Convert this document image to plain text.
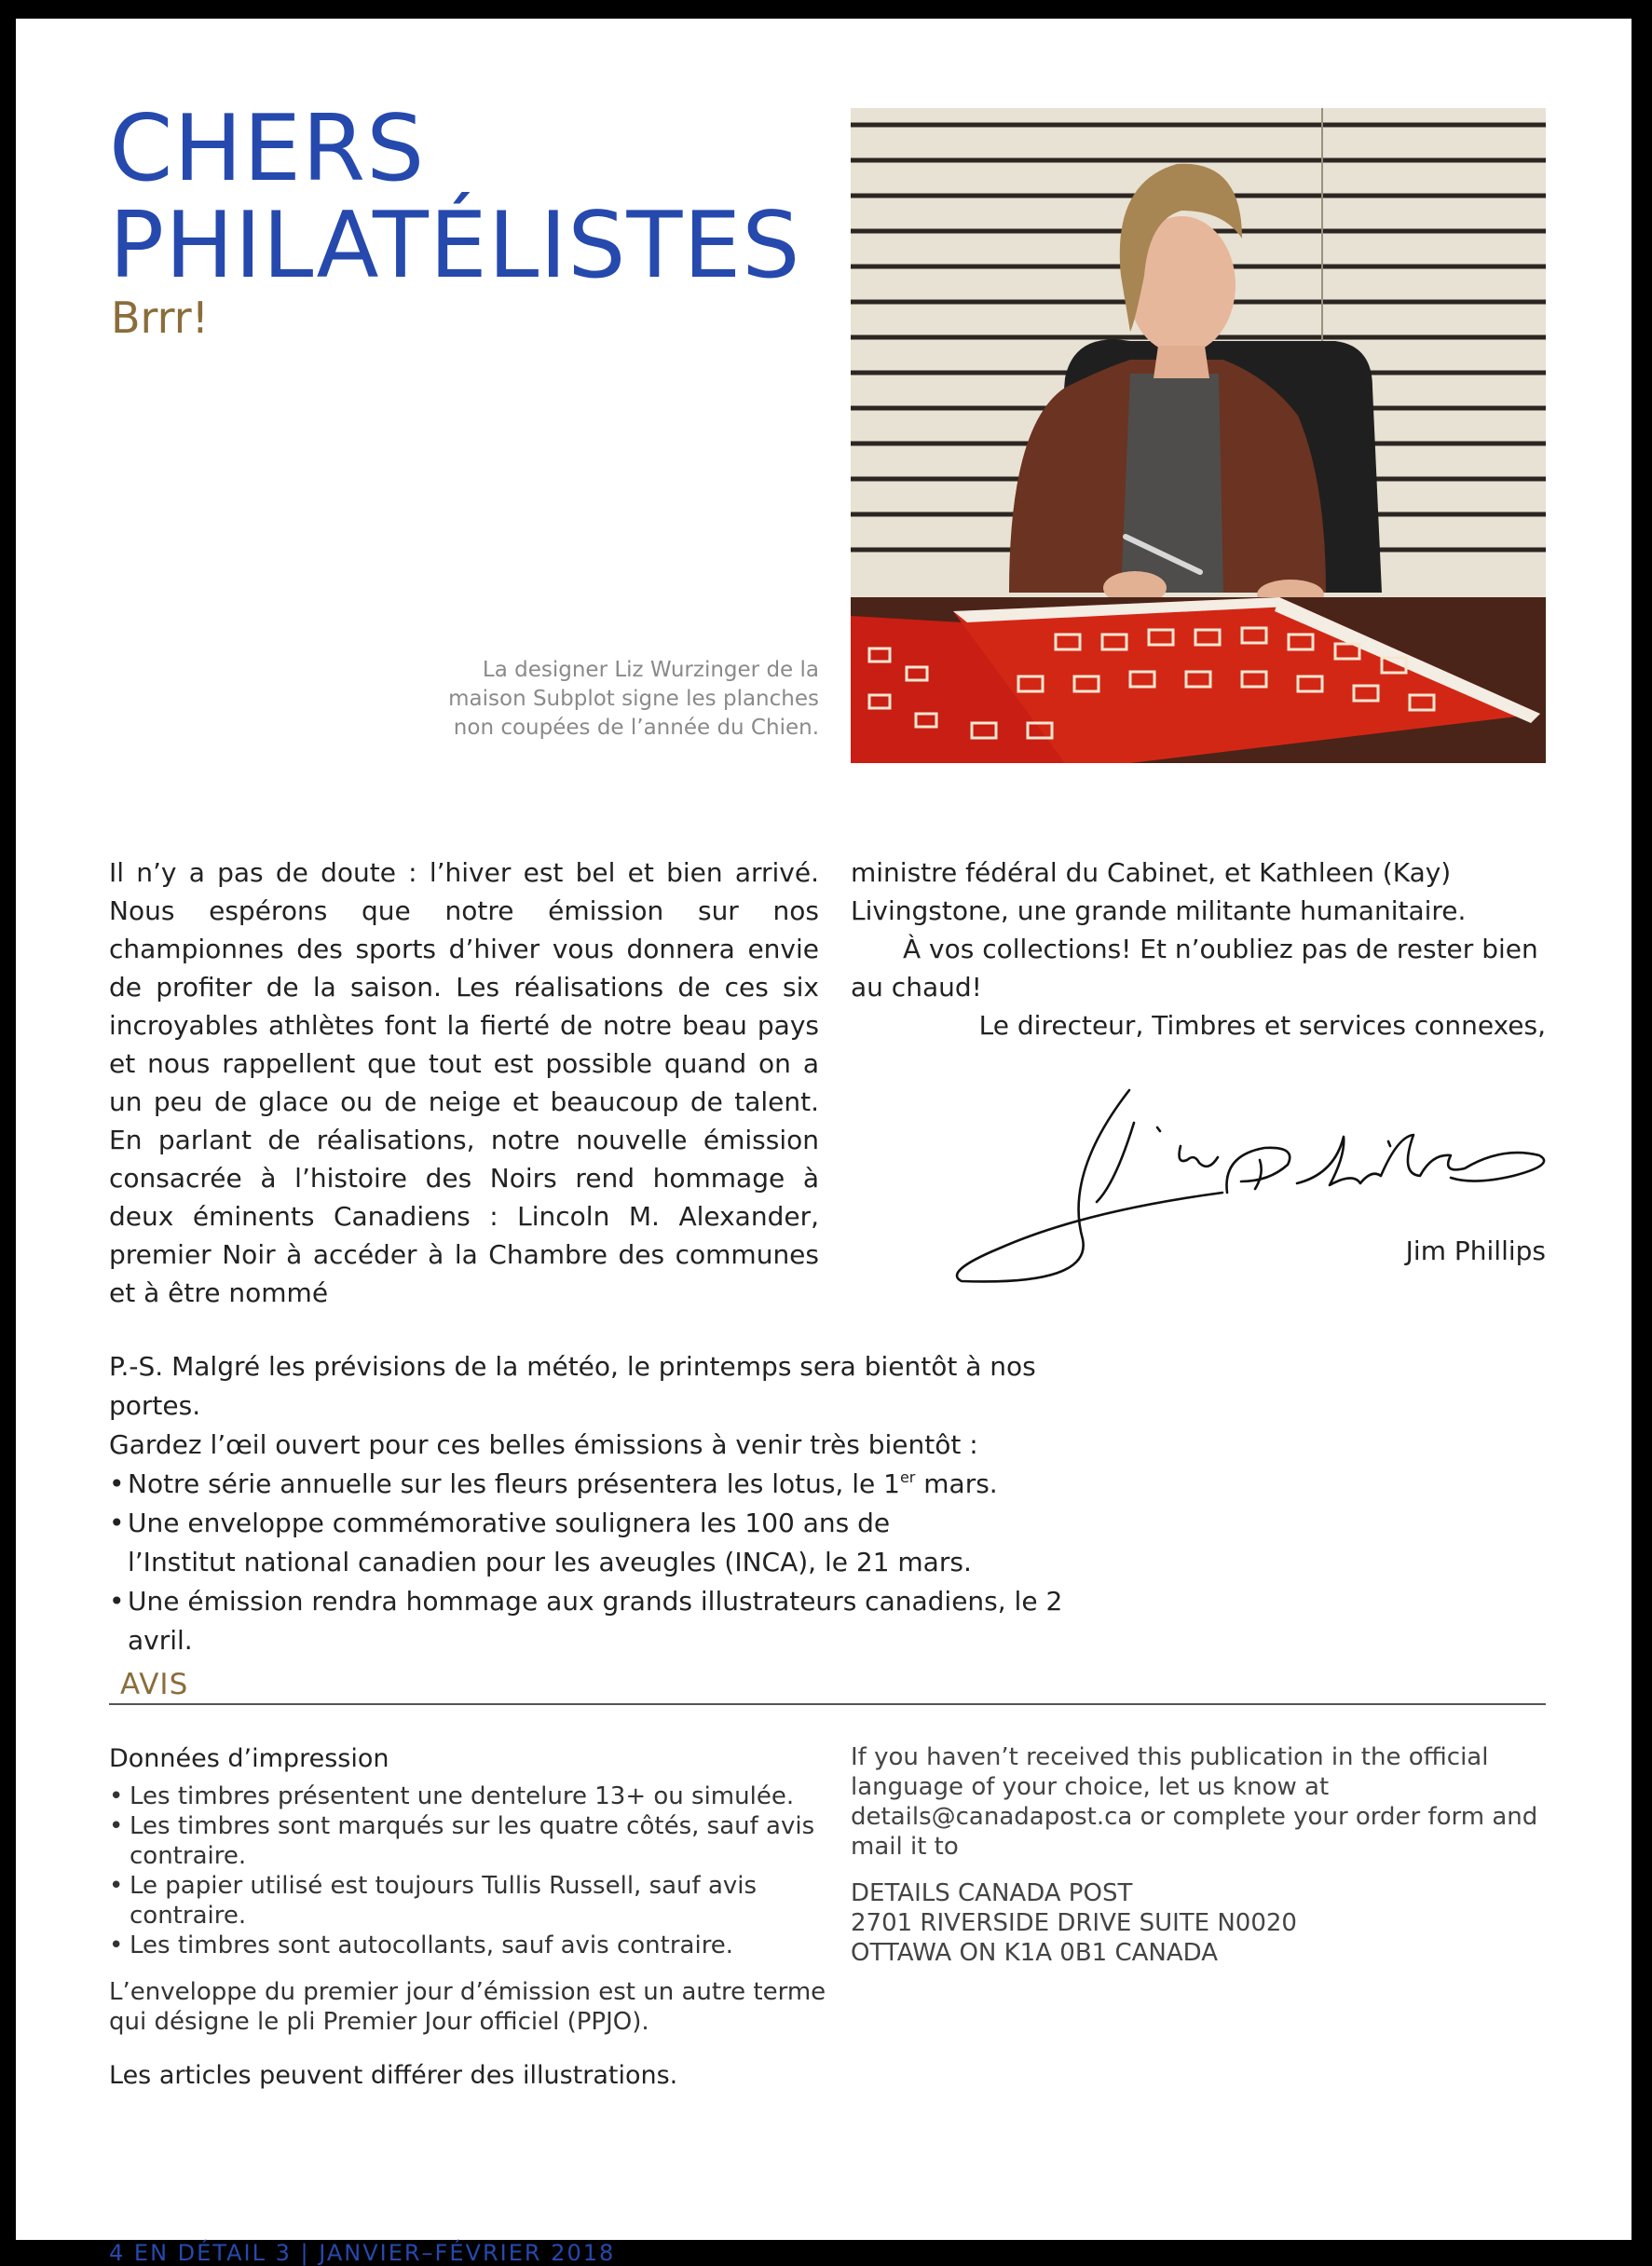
CHERS
PHILATÉLISTES
Brrr!
La designer Liz Wurzinger de la maison Subplot signe les planches non coupées de l’année du Chien.
Il n’y a pas de doute : l’hiver est bel et bien arrivé. Nous espérons que notre émission sur nos championnes des sports d’hiver vous donnera envie de profiter de la saison. Les réalisations de ces six incroyables athlètes font la fierté de notre beau pays et nous rappellent que tout est possible quand on a un peu de glace ou de neige et beaucoup de talent. En parlant de réalisations, notre nouvelle émission consacrée à l’histoire des Noirs rend hommage à deux éminents Canadiens : Lincoln M. Alexander, premier Noir à accéder à la Chambre des communes et à être nommé

ministre fédéral du Cabinet, et Kathleen (Kay) Livingstone, une grande militante humanitaire.

À vos collections! Et n’oubliez pas de rester bien au chaud!

Le directeur, Timbres et services connexes,

Jim Phillips

P.-S. Malgré les prévisions de la météo, le printemps sera bientôt à nos portes.

Gardez l’œil ouvert pour ces belles émissions à venir très bientôt :

• Notre série annuelle sur les fleurs présentera les lotus, le 1er mars.
• Une enveloppe commémorative soulignera les 100 ans de
l’Institut national canadien pour les aveugles (INCA), le 21 mars.
• Une émission rendra hommage aux grands illustrateurs canadiens, le 2 avril.
AVIS
Données d’impression
• Les timbres présentent une dentelure 13+ ou simulée.
• Les timbres sont marqués sur les quatre côtés, sauf avis contraire.
• Le papier utilisé est toujours Tullis Russell, sauf avis contraire.
• Les timbres sont autocollants, sauf avis contraire.

L’enveloppe du premier jour d’émission est un autre terme qui désigne le pli Premier Jour officiel (PPJO).

Les articles peuvent différer des illustrations.

If you haven’t received this publication in the official language of your choice, let us know at details@canadapost.ca or complete your order form and mail it to

DETAILS CANADA POST
2701 RIVERSIDE DRIVE SUITE N0020
OTTAWA ON K1A 0B1 CANADA

4 EN DÉTAIL 3 | JANVIER–FÉVRIER 2018
